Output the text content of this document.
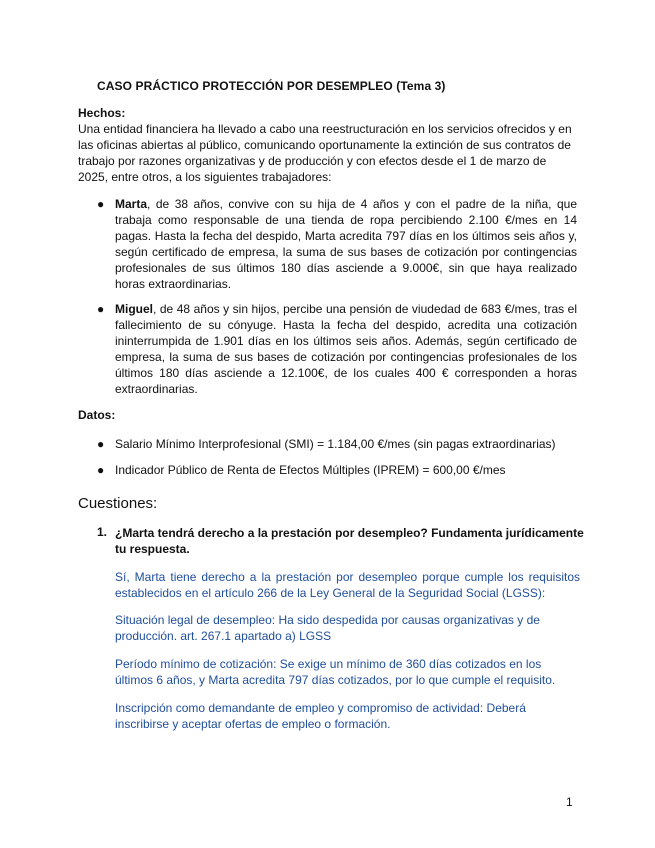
CASO PRÁCTICO PROTECCIÓN POR DESEMPLEO (Tema 3)
Hechos:
Una entidad financiera ha llevado a cabo una reestructuración en los servicios ofrecidos y en las oficinas abiertas al público, comunicando oportunamente la extinción de sus contratos de trabajo por razones organizativas y de producción y con efectos desde el 1 de marzo de 2025, entre otros, a los siguientes trabajadores:
● Marta, de 38 años, convive con su hija de 4 años y con el padre de la niña, que trabaja como responsable de una tienda de ropa percibiendo 2.100 €/mes en 14 pagas. Hasta la fecha del despido, Marta acredita 797 días en los últimos seis años y, según certificado de empresa, la suma de sus bases de cotización por contingencias profesionales de sus últimos 180 días asciende a 9.000€, sin que haya realizado horas extraordinarias.
● Miguel, de 48 años y sin hijos, percibe una pensión de viudedad de 683 €/mes, tras el fallecimiento de su cónyuge. Hasta la fecha del despido, acredita una cotización ininterrumpida de 1.901 días en los últimos seis años. Además, según certificado de empresa, la suma de sus bases de cotización por contingencias profesionales de los últimos 180 días asciende a 12.100€, de los cuales 400 € corresponden a horas extraordinarias.
Datos:
● Salario Mínimo Interprofesional (SMI) = 1.184,00 €/mes (sin pagas extraordinarias)
● Indicador Público de Renta de Efectos Múltiples (IPREM) = 600,00 €/mes
Cuestiones:
1. ¿Marta tendrá derecho a la prestación por desempleo? Fundamenta jurídicamente tu respuesta.
Sí, Marta tiene derecho a la prestación por desempleo porque cumple los requisitos establecidos en el artículo 266 de la Ley General de la Seguridad Social (LGSS):
Situación legal de desempleo: Ha sido despedida por causas organizativas y de producción. art. 267.1 apartado a) LGSS
Período mínimo de cotización: Se exige un mínimo de 360 días cotizados en los últimos 6 años, y Marta acredita 797 días cotizados, por lo que cumple el requisito.
Inscripción como demandante de empleo y compromiso de actividad: Deberá inscribirse y aceptar ofertas de empleo o formación.
1
